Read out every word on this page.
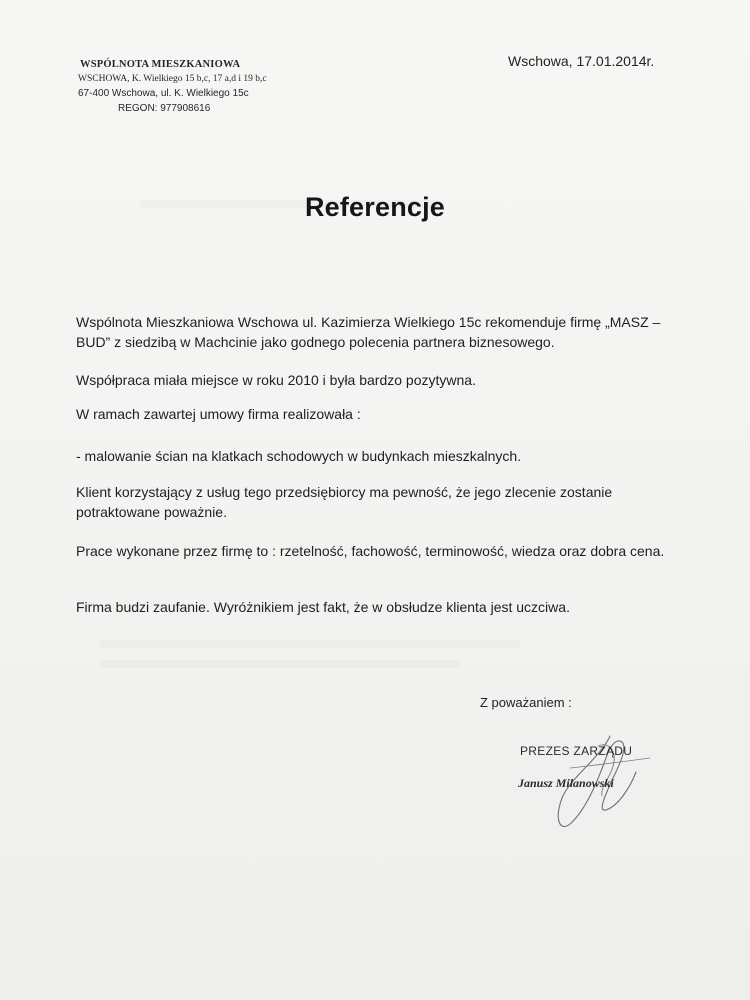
WSPÓLNOTA MIESZKANIOWA
WSCHOWA, K. Wielkiego 15 b,c, 17 a,d i 19 b,c
67-400 Wschowa, ul. K. Wielkiego 15c
REGON: 977908616
Wschowa, 17.01.2014r.
Referencje
Wspólnota Mieszkaniowa Wschowa ul. Kazimierza Wielkiego 15c rekomenduje firmę „MASZ – BUD” z siedzibą w Machcinie jako godnego polecenia partnera biznesowego.
Współpraca miała miejsce w roku 2010 i była bardzo pozytywna.
W ramach zawartej umowy firma realizowała :
- malowanie ścian na klatkach schodowych w budynkach mieszkalnych.
Klient korzystający z usług tego przedsiębiorcy ma pewność, że jego zlecenie zostanie potraktowane poważnie.
Prace wykonane przez firmę to : rzetelność, fachowość, terminowość, wiedza oraz dobra cena.
Firma budzi zaufanie. Wyróżnikiem jest fakt, że w obsłudze klienta jest uczciwa.
Z poważaniem :
PREZES ZARZĄDU
Janusz Milanowski
